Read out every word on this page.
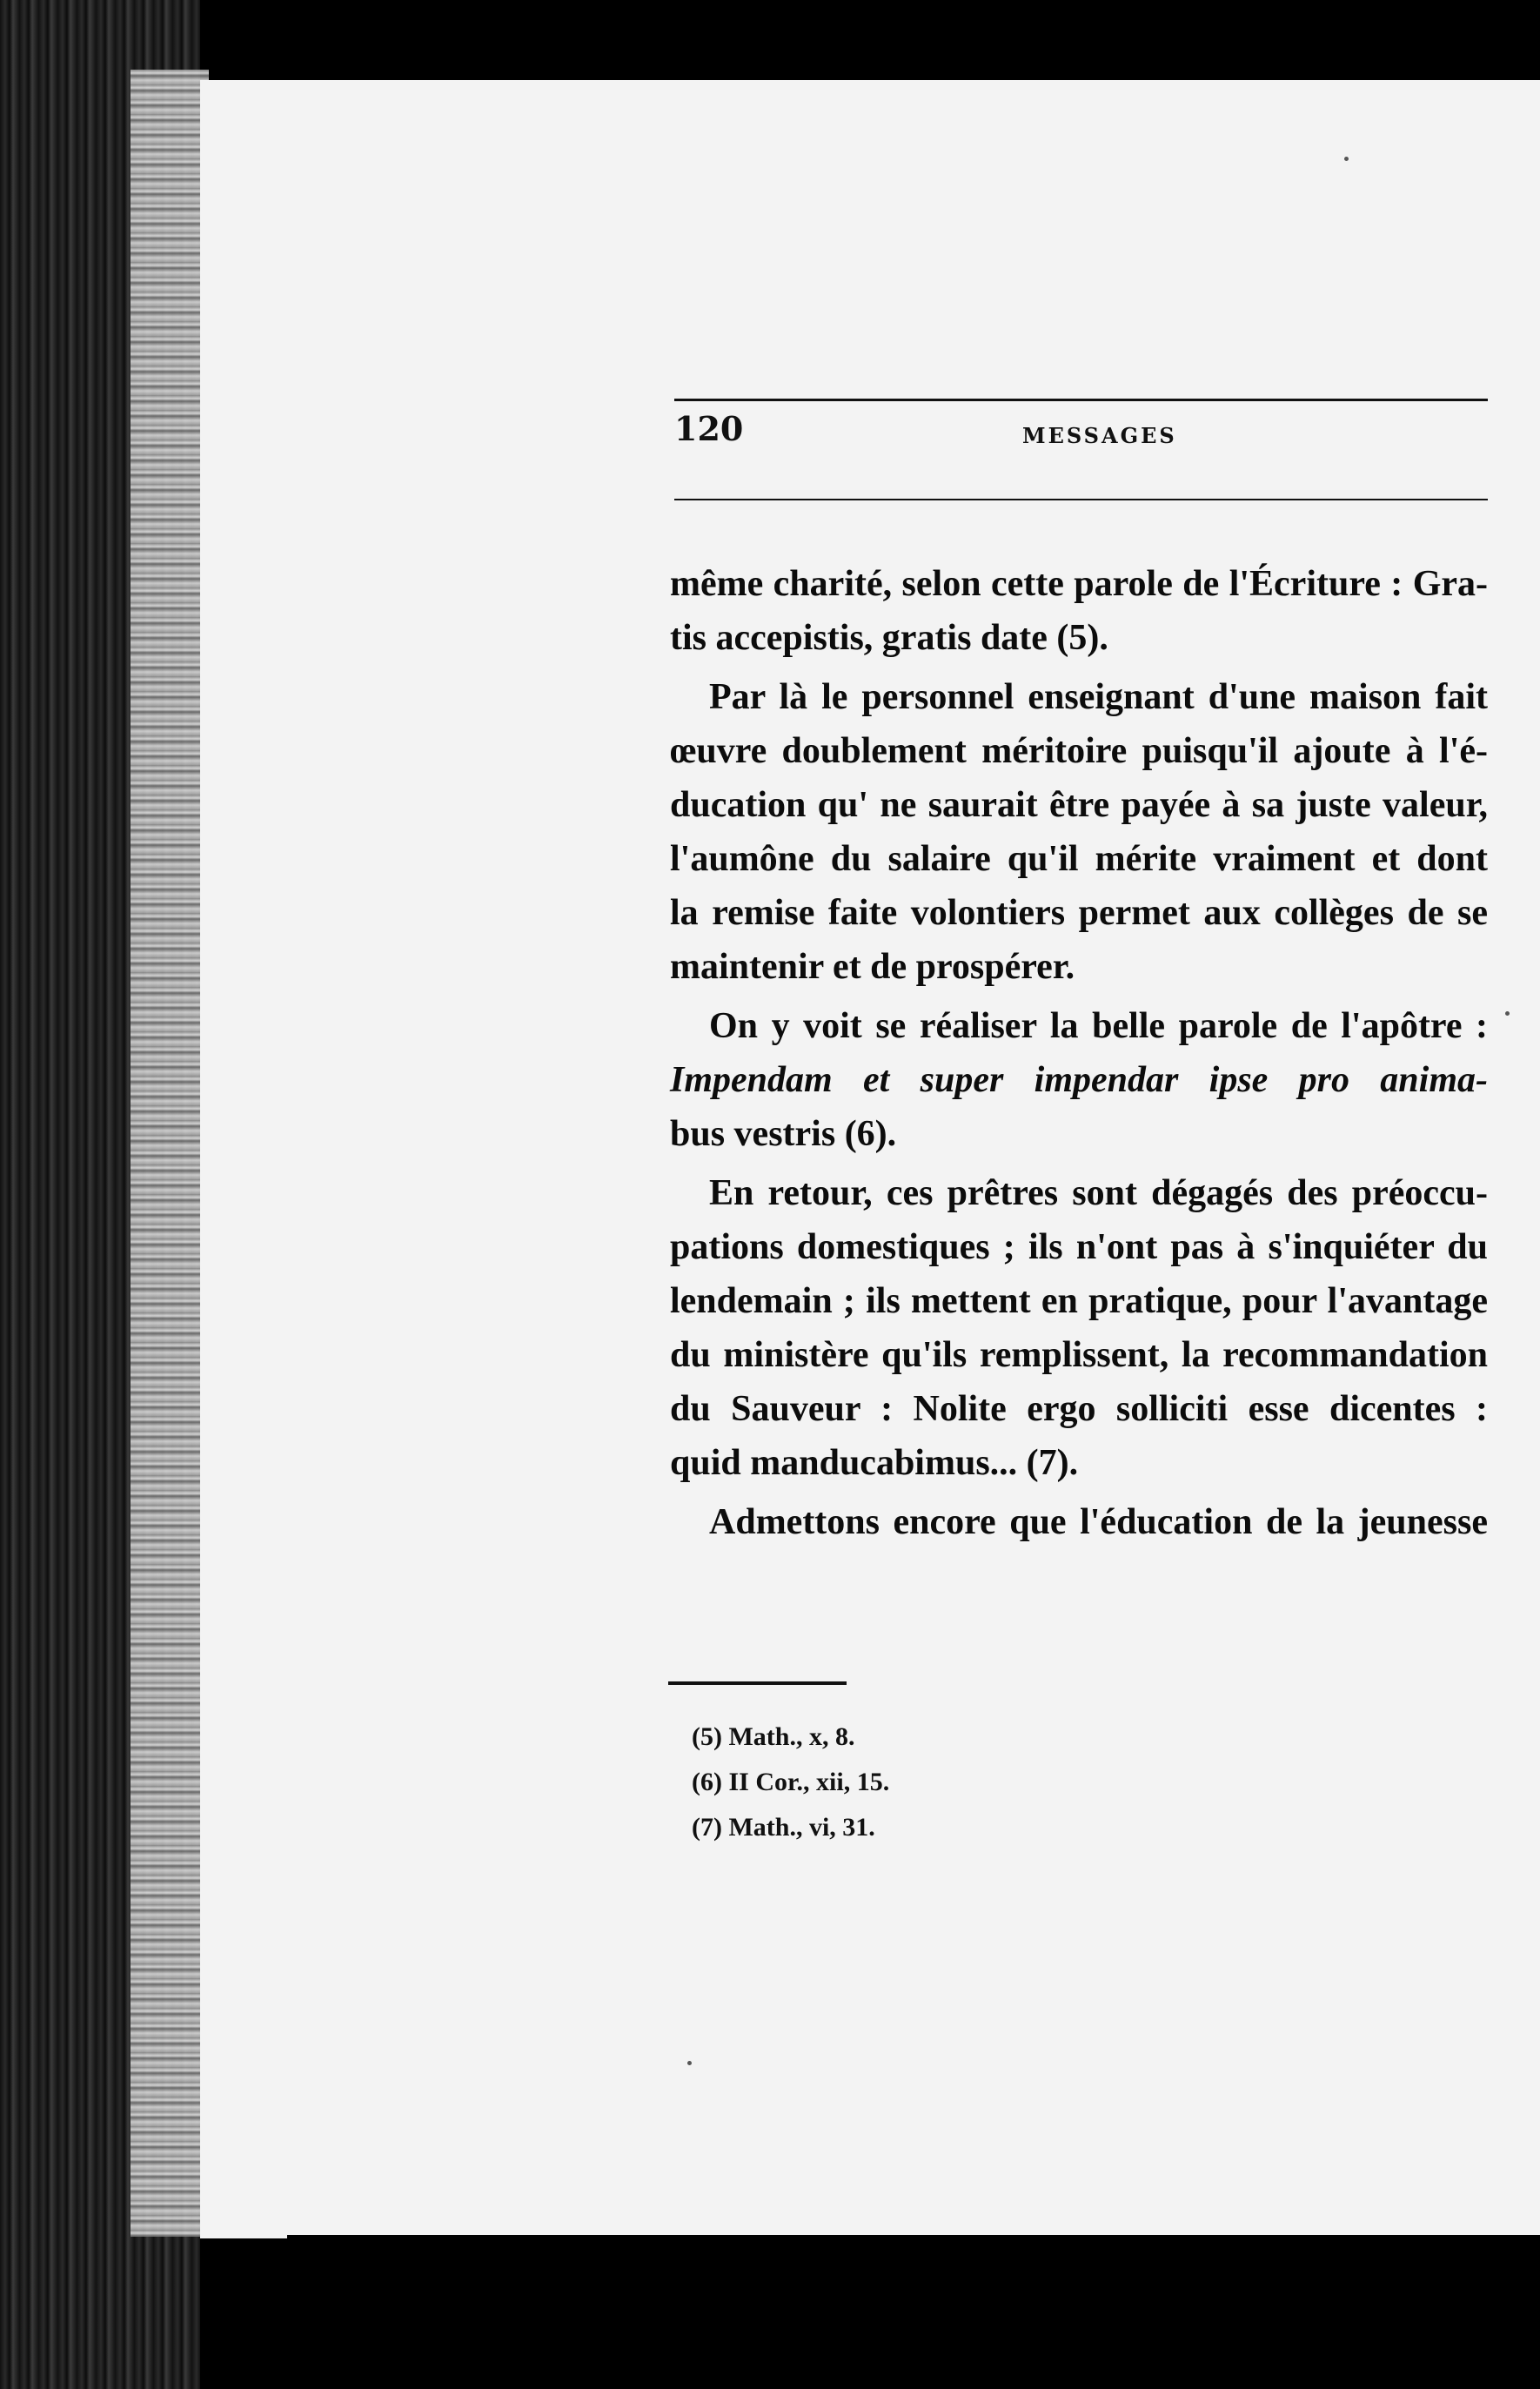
120	MESSAGES
même charité, selon cette parole de l'Écriture : Gra-
tis accepistis, gratis date (5).
Par là le personnel enseignant d'une maison fait
œuvre doublement méritoire puisqu'il ajoute à l'é-
ducation qu' ne saurait être payée à sa juste valeur,
l'aumône du salaire qu'il mérite vraiment et dont
la remise faite volontiers permet aux collèges de se
maintenir et de prospérer.
On y voit se réaliser la belle parole de l'apôtre :
Impendam et super impendar ipse pro anima-
bus vestris (6).
En retour, ces prêtres sont dégagés des préoccu-
pations domestiques ; ils n'ont pas à s'inquiéter du
lendemain ; ils mettent en pratique, pour l'avantage
du ministère qu'ils remplissent, la recommandation
du Sauveur : Nolite ergo solliciti esse dicentes :
quid manducabimus... (7).
Admettons encore que l'éducation de la jeunesse
(5) Math., x, 8.
(6) II Cor., xii, 15.
(7) Math., vi, 31.
